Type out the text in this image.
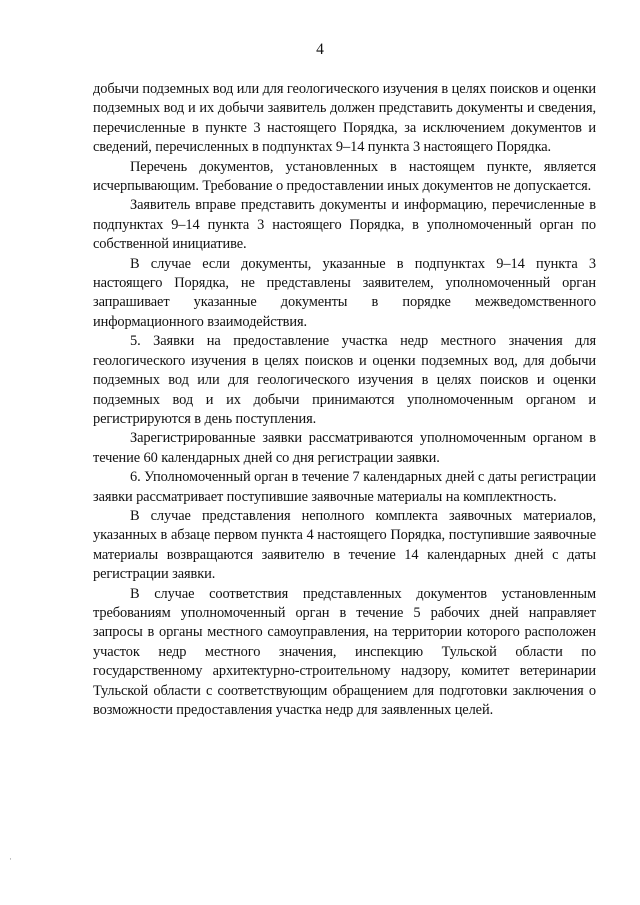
4

добычи подземных вод или для геологического изучения в целях поисков и оценки подземных вод и их добычи заявитель должен представить документы и сведения, перечисленные в пункте 3 настоящего Порядка, за исключением документов и сведений, перечисленных в подпунктах 9–14 пункта 3 настоящего Порядка.

Перечень документов, установленных в настоящем пункте, является исчерпывающим. Требование о предоставлении иных документов не допускается.

Заявитель вправе представить документы и информацию, перечисленные в подпунктах 9–14 пункта 3 настоящего Порядка, в уполномоченный орган по собственной инициативе.

В случае если документы, указанные в подпунктах 9–14 пункта 3 настоящего Порядка, не представлены заявителем, уполномоченный орган запрашивает указанные документы в порядке межведомственного информационного взаимодействия.

5. Заявки на предоставление участка недр местного значения для геологического изучения в целях поисков и оценки подземных вод, для добычи подземных вод или для геологического изучения в целях поисков и оценки подземных вод и их добычи принимаются уполномоченным органом и регистрируются в день поступления.

Зарегистрированные заявки рассматриваются уполномоченным органом в течение 60 календарных дней со дня регистрации заявки.

6. Уполномоченный орган в течение 7 календарных дней с даты регистрации заявки рассматривает поступившие заявочные материалы на комплектность.

В случае представления неполного комплекта заявочных материалов, указанных в абзаце первом пункта 4 настоящего Порядка, поступившие заявочные материалы возвращаются заявителю в течение 14 календарных дней с даты регистрации заявки.

В случае соответствия представленных документов установленным требованиям уполномоченный орган в течение 5 рабочих дней направляет запросы в органы местного самоуправления, на территории которого расположен участок недр местного значения, инспекцию Тульской области по государственному архитектурно-строительному надзору, комитет ветеринарии Тульской области с соответствующим обращением для подготовки заключения о возможности предоставления участка недр для заявленных целей.

·
